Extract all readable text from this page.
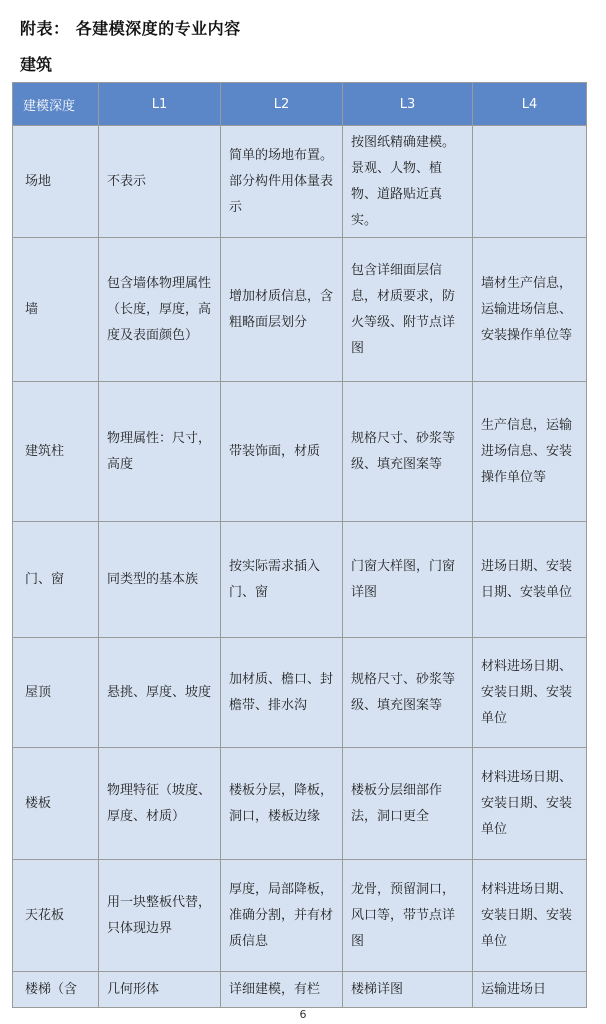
附表： 各建模深度的专业内容
建筑
建模深度	L1	L2	L3	L4
场地	不表示	简单的场地布置。部分构件用体量表示	按图纸精确建模。景观、人物、植物、道路贴近真实。	
墙	包含墙体物理属性（长度，厚度，高度及表面颜色）	增加材质信息，含粗略面层划分	包含详细面层信息，材质要求，防火等级、附节点详图	墙材生产信息，运输进场信息、安装操作单位等
建筑柱	物理属性：尺寸，高度	带装饰面，材质	规格尺寸、砂浆等级、填充图案等	生产信息，运输进场信息、安装操作单位等
门、窗	同类型的基本族	按实际需求插入门、窗	门窗大样图，门窗详图	进场日期、安装日期、安装单位
屋顶	悬挑、厚度、坡度	加材质、檐口、封檐带、排水沟	规格尺寸、砂浆等级、填充图案等	材料进场日期、安装日期、安装单位
楼板	物理特征（坡度、厚度、材质）	楼板分层，降板，洞口，楼板边缘	楼板分层细部作法，洞口更全	材料进场日期、安装日期、安装单位
天花板	用一块整板代替，只体现边界	厚度，局部降板，准确分割，并有材质信息	龙骨，预留洞口，风口等，带节点详图	材料进场日期、安装日期、安装单位
楼梯（含	几何形体	详细建模，有栏	楼梯详图	运输进场日
6
